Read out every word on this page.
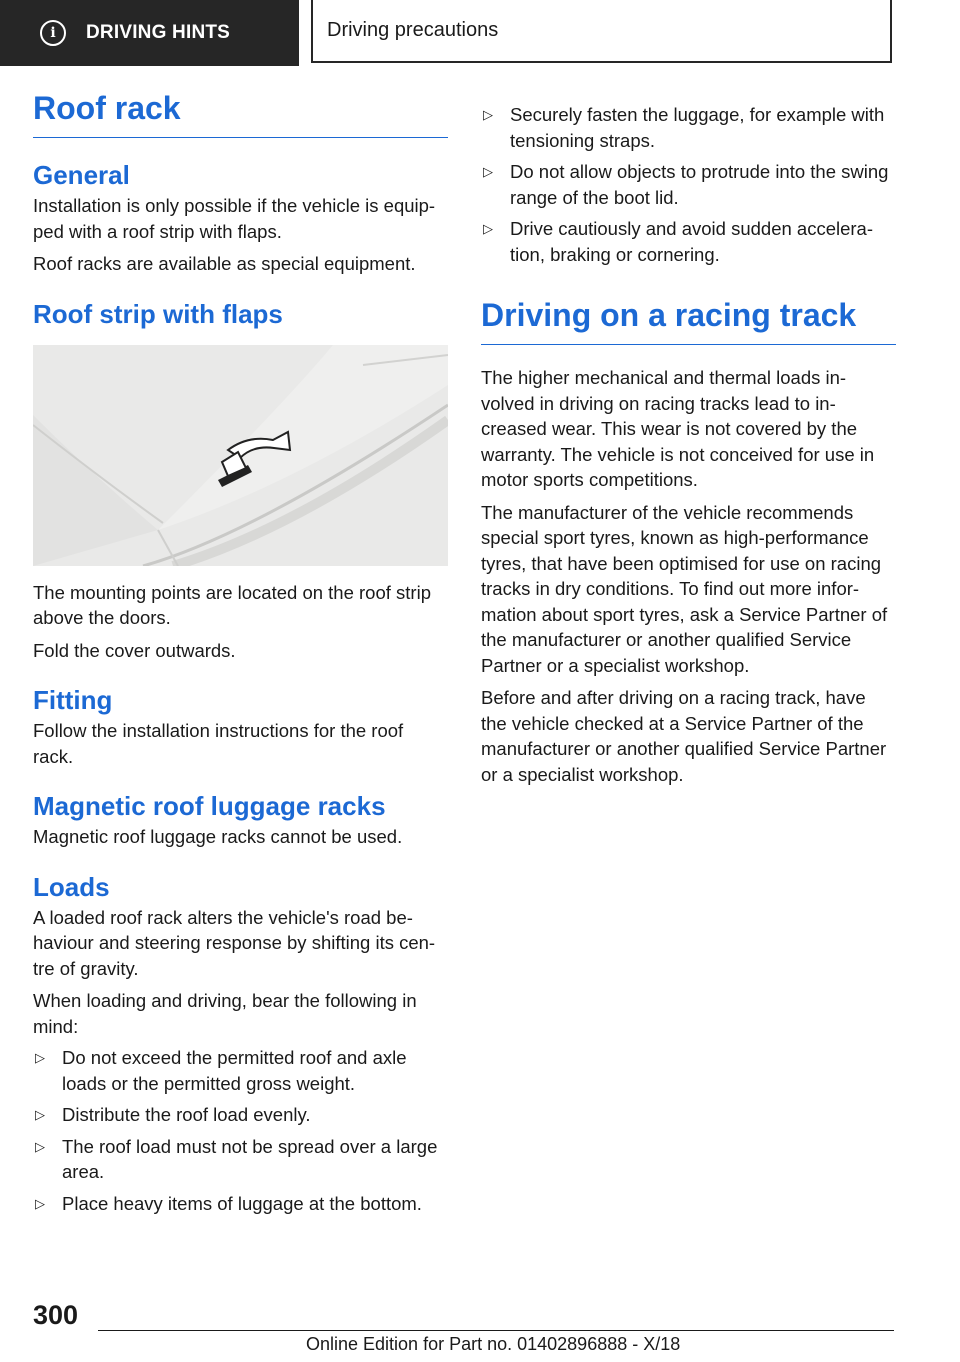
i	DRIVING HINTS	Driving precautions
Roof rack
General

Installation is only possible if the vehicle is equip-ped with a roof strip with flaps.

Roof racks are available as special equipment.

Roof strip with flaps

The mounting points are located on the roof strip above the doors.

Fold the cover outwards.

Fitting

Follow the installation instructions for the roof rack.

Magnetic roof luggage racks

Magnetic roof luggage racks cannot be used.

Loads

A loaded roof rack alters the vehicle's road be-haviour and steering response by shifting its cen-tre of gravity.

When loading and driving, bear the following in mind:

▷ Do not exceed the permitted roof and axle loads or the permitted gross weight.
▷ Distribute the roof load evenly.
▷ The roof load must not be spread over a large area.
▷ Place heavy items of luggage at the bottom.
▷ Securely fasten the luggage, for example with tensioning straps.
▷ Do not allow objects to protrude into the swing range of the boot lid.
▷ Drive cautiously and avoid sudden accelera-tion, braking or cornering.
Driving on a racing track

The higher mechanical and thermal loads in-volved in driving on racing tracks lead to in-creased wear. This wear is not covered by the warranty. The vehicle is not conceived for use in motor sports competitions.

The manufacturer of the vehicle recommends special sport tyres, known as high-performance tyres, that have been optimised for use on racing tracks in dry conditions. To find out more infor-mation about sport tyres, ask a Service Partner of the manufacturer or another qualified Service Partner or a specialist workshop.

Before and after driving on a racing track, have the vehicle checked at a Service Partner of the manufacturer or another qualified Service Partner or a specialist workshop.

300
Online Edition for Part no. 01402896888 - X/18
